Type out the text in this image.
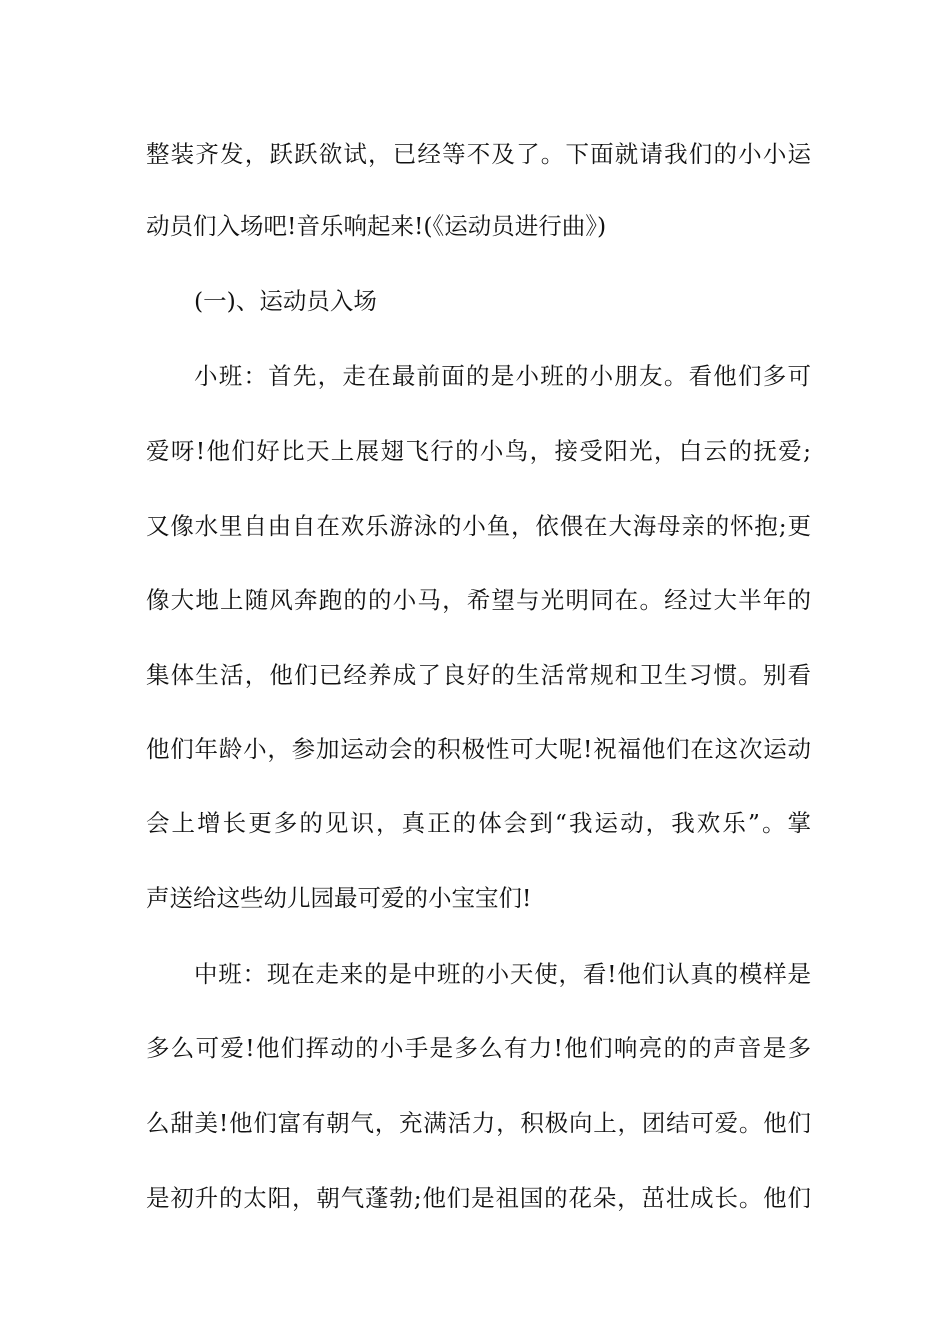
整装齐发，跃跃欲试，已经等不及了。下面就请我们的小小运
动员们入场吧!音乐响起来!(《运动员进行曲》)
(一)、运动员入场
小班：首先，走在最前面的是小班的小朋友。看他们多可
爱呀!他们好比天上展翅飞行的小鸟，接受阳光，白云的抚爱;
又像水里自由自在欢乐游泳的小鱼，依偎在大海母亲的怀抱;更
像大地上随风奔跑的的小马，希望与光明同在。经过大半年的
集体生活，他们已经养成了良好的生活常规和卫生习惯。别看
他们年龄小，参加运动会的积极性可大呢!祝福他们在这次运动
会上增长更多的见识，真正的体会到“我运动，我欢乐”。掌
声送给这些幼儿园最可爱的小宝宝们!
中班：现在走来的是中班的小天使，看!他们认真的模样是
多么可爱!他们挥动的小手是多么有力!他们响亮的的声音是多
么甜美!他们富有朝气，充满活力，积极向上，团结可爱。他们
是初升的太阳，朝气蓬勃;他们是祖国的花朵，茁壮成长。他们
